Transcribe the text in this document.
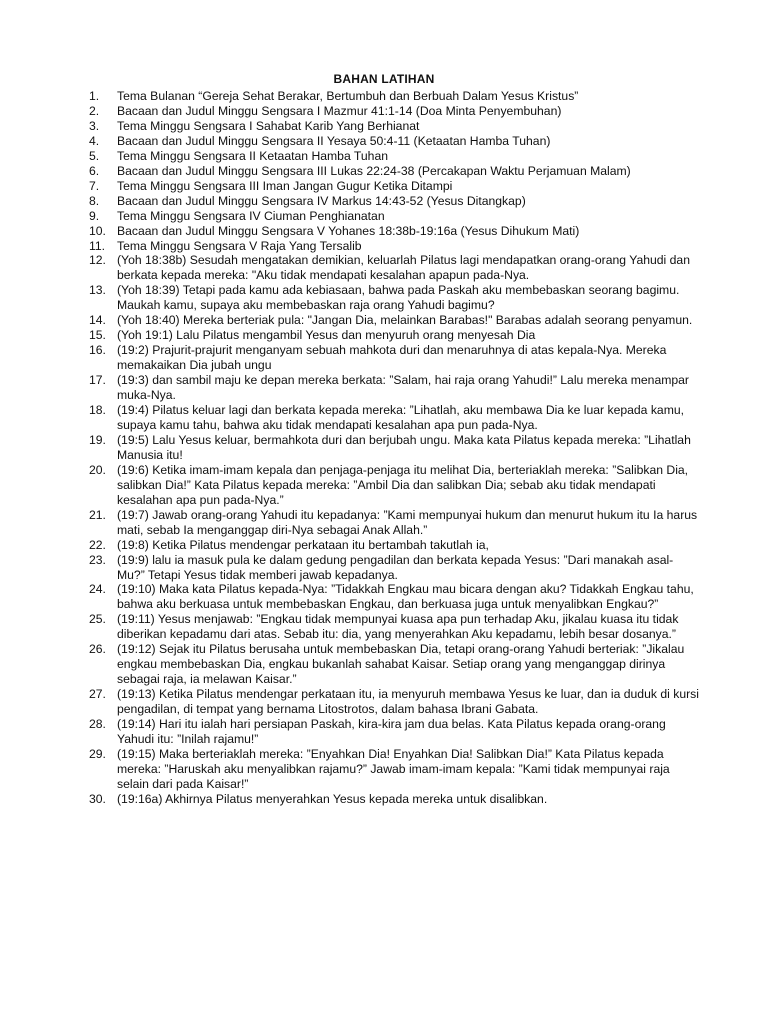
BAHAN LATIHAN
1. Tema Bulanan “Gereja Sehat Berakar, Bertumbuh dan Berbuah Dalam Yesus Kristus”
2. Bacaan dan Judul Minggu Sengsara I Mazmur 41:1-14 (Doa Minta Penyembuhan)
3. Tema Minggu Sengsara I Sahabat Karib Yang Berhianat
4. Bacaan dan Judul Minggu Sengsara II Yesaya 50:4-11 (Ketaatan Hamba Tuhan)
5. Tema Minggu Sengsara II Ketaatan Hamba Tuhan
6. Bacaan dan Judul Minggu Sengsara III Lukas 22:24-38 (Percakapan Waktu Perjamuan Malam)
7. Tema Minggu Sengsara III Iman Jangan Gugur Ketika Ditampi
8. Bacaan dan Judul Minggu Sengsara IV Markus 14:43-52 (Yesus Ditangkap)
9. Tema Minggu Sengsara IV Ciuman Penghianatan
10. Bacaan dan Judul Minggu Sengsara V Yohanes 18:38b-19:16a (Yesus Dihukum Mati)
11. Tema Minggu Sengsara V Raja Yang Tersalib
12. (Yoh 18:38b) Sesudah mengatakan demikian, keluarlah Pilatus lagi mendapatkan orang-orang Yahudi dan berkata kepada mereka: "Aku tidak mendapati kesalahan apapun pada-Nya.
13. (Yoh 18:39) Tetapi pada kamu ada kebiasaan, bahwa pada Paskah aku membebaskan seorang bagimu. Maukah kamu, supaya aku membebaskan raja orang Yahudi bagimu?
14. (Yoh 18:40) Mereka berteriak pula: "Jangan Dia, melainkan Barabas!" Barabas adalah seorang penyamun.
15. (Yoh 19:1) Lalu Pilatus mengambil Yesus dan menyuruh orang menyesah Dia
16. (19:2) Prajurit-prajurit menganyam sebuah mahkota duri dan menaruhnya di atas kepala-Nya. Mereka memakaikan Dia jubah ungu
17. (19:3) dan sambil maju ke depan mereka berkata: ”Salam, hai raja orang Yahudi!” Lalu mereka menampar muka-Nya.
18. (19:4) Pilatus keluar lagi dan berkata kepada mereka: ”Lihatlah, aku membawa Dia ke luar kepada kamu, supaya kamu tahu, bahwa aku tidak mendapati kesalahan apa pun pada-Nya.
19. (19:5) Lalu Yesus keluar, bermahkota duri dan berjubah ungu. Maka kata Pilatus kepada mereka: ”Lihatlah Manusia itu!
20. (19:6) Ketika imam-imam kepala dan penjaga-penjaga itu melihat Dia, berteriaklah mereka: ”Salibkan Dia, salibkan Dia!” Kata Pilatus kepada mereka: ”Ambil Dia dan salibkan Dia; sebab aku tidak mendapati kesalahan apa pun pada-Nya.”
21. (19:7) Jawab orang-orang Yahudi itu kepadanya: ”Kami mempunyai hukum dan menurut hukum itu Ia harus mati, sebab Ia menganggap diri-Nya sebagai Anak Allah.”
22. (19:8) Ketika Pilatus mendengar perkataan itu bertambah takutlah ia,
23. (19:9) lalu ia masuk pula ke dalam gedung pengadilan dan berkata kepada Yesus: ”Dari manakah asal-Mu?” Tetapi Yesus tidak memberi jawab kepadanya.
24. (19:10) Maka kata Pilatus kepada-Nya: ”Tidakkah Engkau mau bicara dengan aku? Tidakkah Engkau tahu, bahwa aku berkuasa untuk membebaskan Engkau, dan berkuasa juga untuk menyalibkan Engkau?”
25. (19:11) Yesus menjawab: ”Engkau tidak mempunyai kuasa apa pun terhadap Aku, jikalau kuasa itu tidak diberikan kepadamu dari atas. Sebab itu: dia, yang menyerahkan Aku kepadamu, lebih besar dosanya.”
26. (19:12) Sejak itu Pilatus berusaha untuk membebaskan Dia, tetapi orang-orang Yahudi berteriak: ”Jikalau engkau membebaskan Dia, engkau bukanlah sahabat Kaisar. Setiap orang yang menganggap dirinya sebagai raja, ia melawan Kaisar.”
27. (19:13) Ketika Pilatus mendengar perkataan itu, ia menyuruh membawa Yesus ke luar, dan ia duduk di kursi pengadilan, di tempat yang bernama Litostrotos, dalam bahasa Ibrani Gabata.
28. (19:14) Hari itu ialah hari persiapan Paskah, kira-kira jam dua belas. Kata Pilatus kepada orang-orang Yahudi itu: ”Inilah rajamu!”
29. (19:15) Maka berteriaklah mereka: ”Enyahkan Dia! Enyahkan Dia! Salibkan Dia!” Kata Pilatus kepada mereka: ”Haruskah aku menyalibkan rajamu?” Jawab imam-imam kepala: ”Kami tidak mempunyai raja selain dari pada Kaisar!”
30. (19:16a) Akhirnya Pilatus menyerahkan Yesus kepada mereka untuk disalibkan.
